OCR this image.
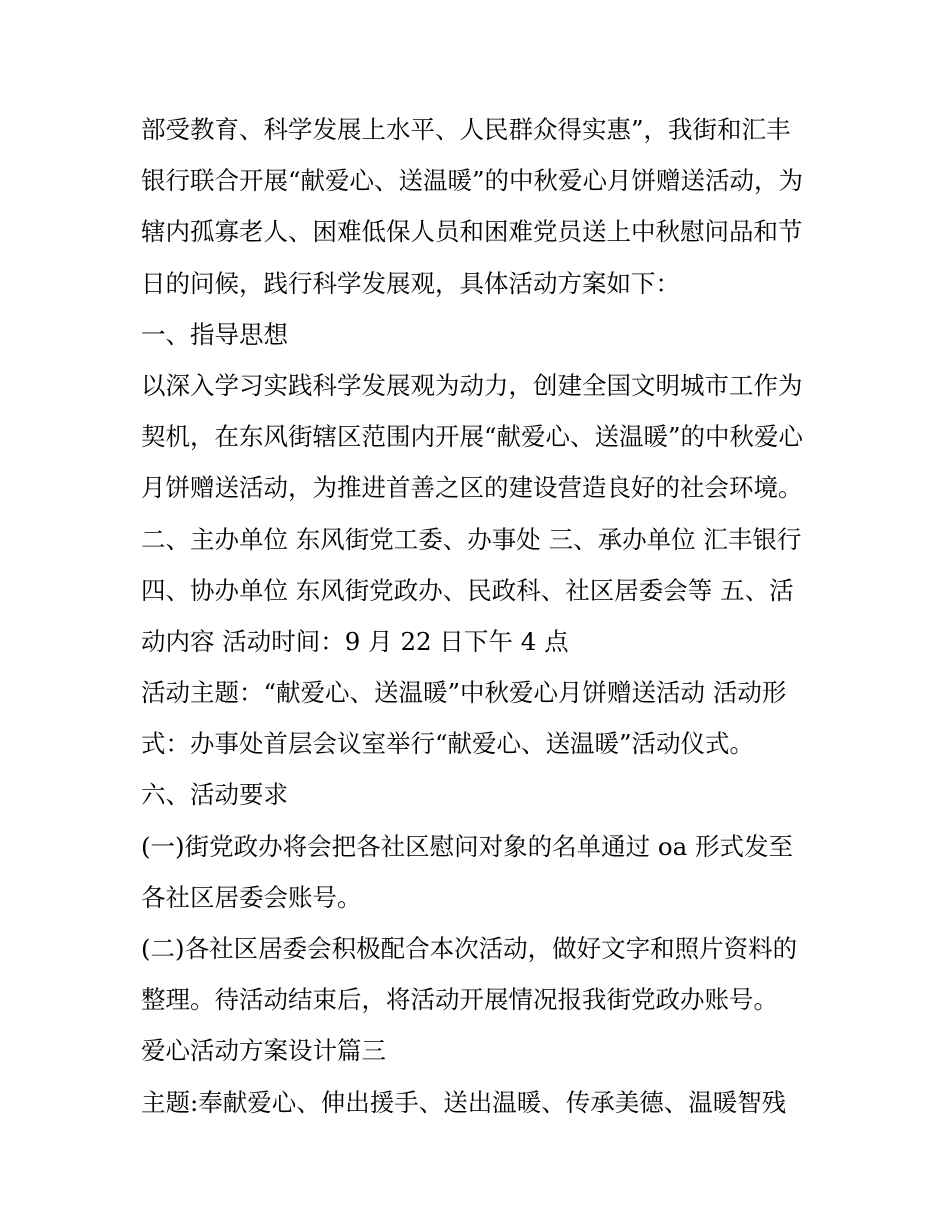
部受教育、科学发展上水平、人民群众得实惠”，我街和汇丰

银行联合开展“献爱心、送温暖”的中秋爱心月饼赠送活动，为

辖内孤寡老人、困难低保人员和困难党员送上中秋慰问品和节

日的问候，践行科学发展观，具体活动方案如下：

一、指导思想

以深入学习实践科学发展观为动力，创建全国文明城市工作为

契机，在东风街辖区范围内开展“献爱心、送温暖”的中秋爱心

月饼赠送活动，为推进首善之区的建设营造良好的社会环境。

二、主办单位 东风街党工委、办事处 三、承办单位 汇丰银行

四、协办单位 东风街党政办、民政科、社区居委会等 五、活

动内容 活动时间：9 月 22 日下午 4 点

活动主题：“献爱心、送温暖”中秋爱心月饼赠送活动 活动形

式：办事处首层会议室举行“献爱心、送温暖”活动仪式。

六、活动要求

(一)街党政办将会把各社区慰问对象的名单通过 oa 形式发至

各社区居委会账号。

(二)各社区居委会积极配合本次活动，做好文字和照片资料的

整理。待活动结束后，将活动开展情况报我街党政办账号。

爱心活动方案设计篇三

主题:奉献爱心、伸出援手、送出温暖、传承美德、温暖智残
